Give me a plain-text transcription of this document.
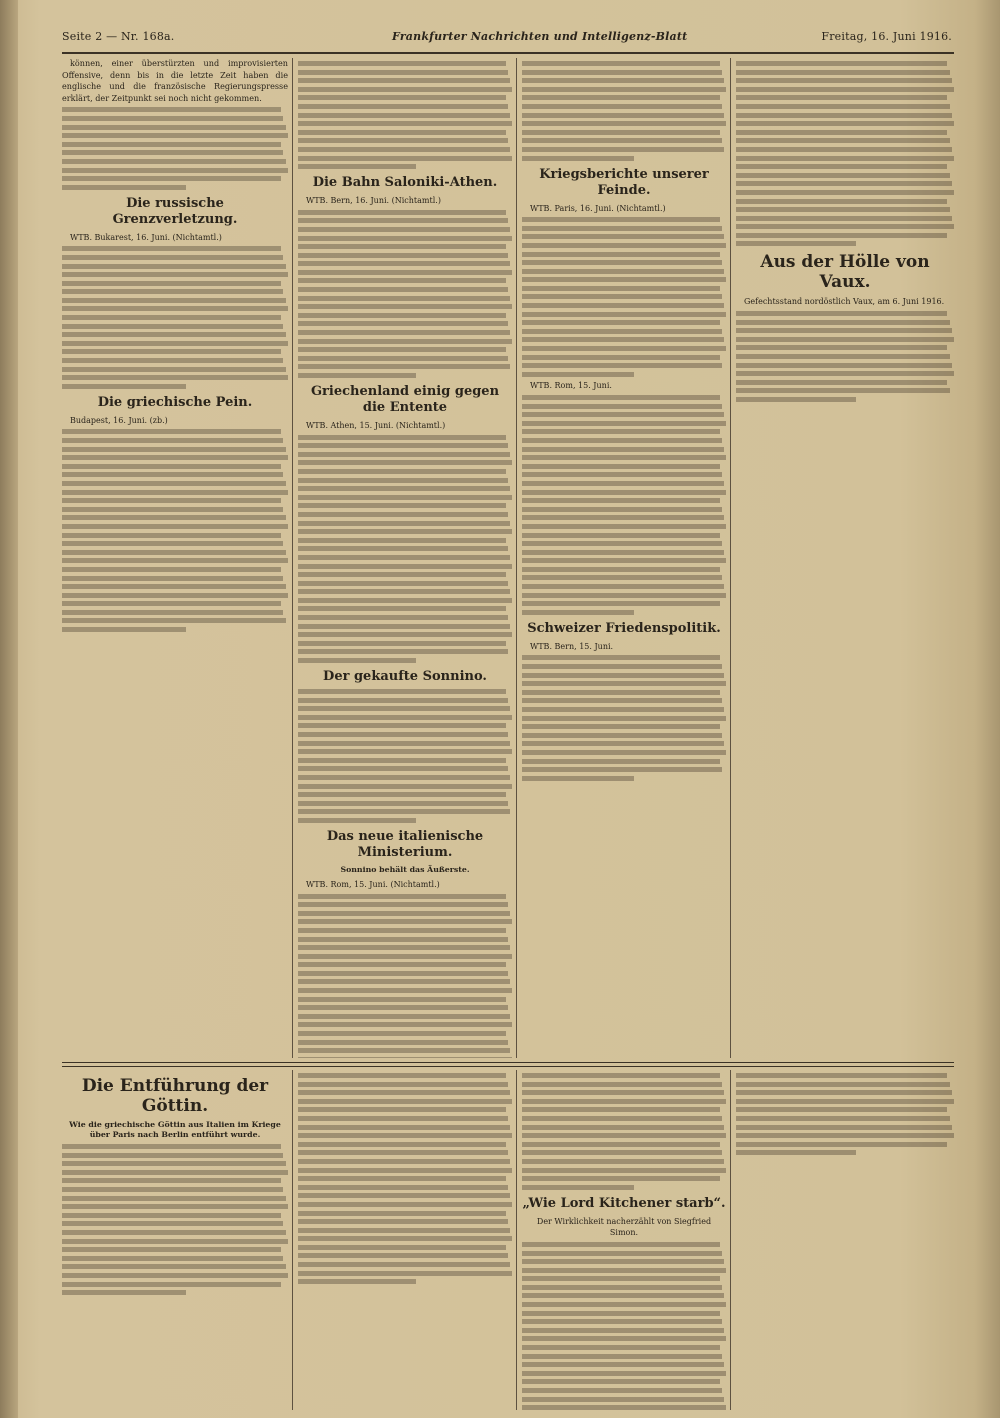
Seite 2 — Nr. 168a.	Frankfurter Nachrichten und Intelligenz-Blatt	Freitag, 16. Juni 1916.

können, einer überstürzten und improvisierten Offensive, denn bis in die letzte Zeit haben die englische und die französische Regierungspresse erklärt, der Zeitpunkt sei noch nicht gekommen.

Die russische Grenzverletzung.
WTB. Bukarest, 16. Juni. (Nichtamtl.)

Die griechische Pein.
Budapest, 16. Juni. (zb.)

Die Bahn Saloniki-Athen.
WTB. Bern, 16. Juni. (Nichtamtl.)

Griechenland einig gegen die Entente
WTB. Athen, 15. Juni. (Nichtamtl.)

Der gekaufte Sonnino.

Das neue italienische Ministerium.
Sonnino behält das Äußerste.
WTB. Rom, 15. Juni. (Nichtamtl.)

Kriegsberichte unserer Feinde.
WTB. Paris, 16. Juni. (Nichtamtl.)

WTB. Rom, 15. Juni.

Schweizer Friedenspolitik.
WTB. Bern, 15. Juni.

Aus der Hölle von Vaux.
Gefechtsstand nordöstlich Vaux, am 6. Juni 1916.

Die Entführung der Göttin.
Wie die griechische Göttin aus Italien im Kriege über Paris nach Berlin entführt wurde.

„Wie Lord Kitchener starb“.
Der Wirklichkeit nacherzählt von Siegfried Simon.
